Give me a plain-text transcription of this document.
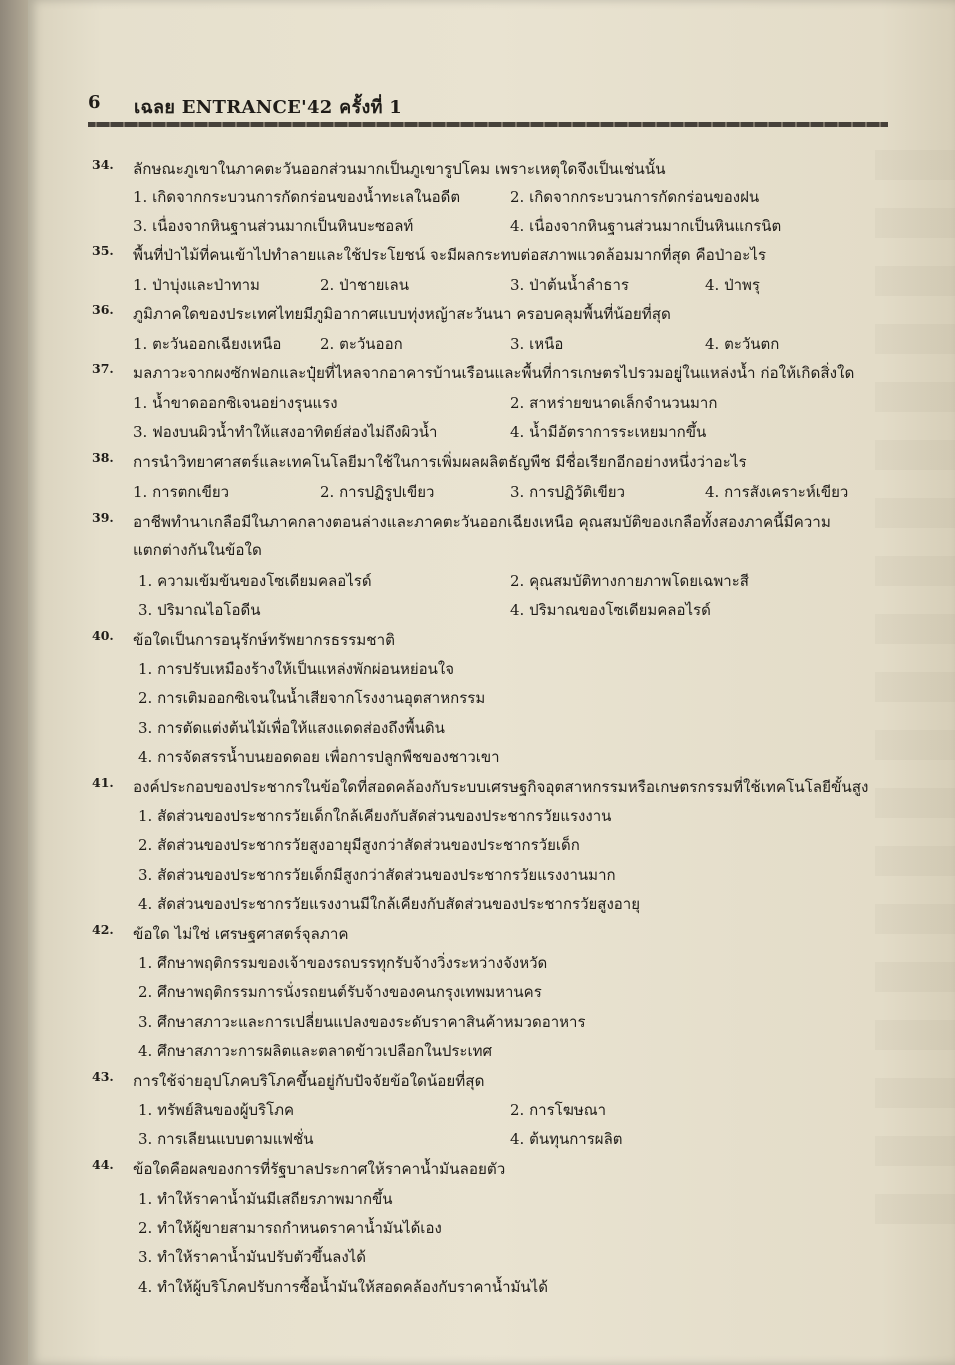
6 เฉลย ENTRANCE'42 ครั้งที่ 1
34. ลักษณะภูเขาในภาคตะวันออกส่วนมากเป็นภูเขารูปโคม เพราะเหตุใดจึงเป็นเช่นนั้น
1. เกิดจากกระบวนการกัดกร่อนของน้ำทะเลในอดีต	2. เกิดจากกระบวนการกัดกร่อนของฝน
3. เนื่องจากหินฐานส่วนมากเป็นหินบะซอลท์	4. เนื่องจากหินฐานส่วนมากเป็นหินแกรนิต
35. พื้นที่ป่าไม้ที่คนเข้าไปทำลายและใช้ประโยชน์ จะมีผลกระทบต่อสภาพแวดล้อมมากที่สุด คือป่าอะไร
1. ป่าบุ่งและป่าทาม	2. ป่าชายเลน	3. ป่าต้นน้ำลำธาร	4. ป่าพรุ
36. ภูมิภาคใดของประเทศไทยมีภูมิอากาศแบบทุ่งหญ้าสะวันนา ครอบคลุมพื้นที่น้อยที่สุด
1. ตะวันออกเฉียงเหนือ	2. ตะวันออก	3. เหนือ	4. ตะวันตก
37. มลภาวะจากผงซักฟอกและปุ๋ยที่ไหลจากอาคารบ้านเรือนและพื้นที่การเกษตรไปรวมอยู่ในแหล่งน้ำ ก่อให้เกิดสิ่งใด
1. น้ำขาดออกซิเจนอย่างรุนแรง	2. สาหร่ายขนาดเล็กจำนวนมาก
3. ฟองบนผิวน้ำทำให้แสงอาทิตย์ส่องไม่ถึงผิวน้ำ	4. น้ำมีอัตราการระเหยมากขึ้น
38. การนำวิทยาศาสตร์และเทคโนโลยีมาใช้ในการเพิ่มผลผลิตธัญพืช มีชื่อเรียกอีกอย่างหนึ่งว่าอะไร
1. การตกเขียว	2. การปฏิรูปเขียว	3. การปฏิวัติเขียว	4. การสังเคราะห์เขียว
39. อาชีพทำนาเกลือมีในภาคกลางตอนล่างและภาคตะวันออกเฉียงเหนือ คุณสมบัติของเกลือทั้งสองภาคนี้มีความ
แตกต่างกันในข้อใด
1. ความเข้มข้นของโซเดียมคลอไรด์	2. คุณสมบัติทางกายภาพโดยเฉพาะสี
3. ปริมาณไอโอดีน	4. ปริมาณของโซเดียมคลอไรด์
40. ข้อใดเป็นการอนุรักษ์ทรัพยากรธรรมชาติ
1. การปรับเหมืองร้างให้เป็นแหล่งพักผ่อนหย่อนใจ
2. การเติมออกซิเจนในน้ำเสียจากโรงงานอุตสาหกรรม
3. การตัดแต่งต้นไม้เพื่อให้แสงแดดส่องถึงพื้นดิน
4. การจัดสรรน้ำบนยอดดอย เพื่อการปลูกพืชของชาวเขา
41. องค์ประกอบของประชากรในข้อใดที่สอดคล้องกับระบบเศรษฐกิจอุตสาหกรรมหรือเกษตรกรรมที่ใช้เทคโนโลยีขั้นสูง
1. สัดส่วนของประชากรวัยเด็กใกล้เคียงกับสัดส่วนของประชากรวัยแรงงาน
2. สัดส่วนของประชากรวัยสูงอายุมีสูงกว่าสัดส่วนของประชากรวัยเด็ก
3. สัดส่วนของประชากรวัยเด็กมีสูงกว่าสัดส่วนของประชากรวัยแรงงานมาก
4. สัดส่วนของประชากรวัยแรงงานมีใกล้เคียงกับสัดส่วนของประชากรวัยสูงอายุ
42. ข้อใด ไม่ใช่ เศรษฐศาสตร์จุลภาค
1. ศึกษาพฤติกรรมของเจ้าของรถบรรทุกรับจ้างวิ่งระหว่างจังหวัด
2. ศึกษาพฤติกรรมการนั่งรถยนต์รับจ้างของคนกรุงเทพมหานคร
3. ศึกษาสภาวะและการเปลี่ยนแปลงของระดับราคาสินค้าหมวดอาหาร
4. ศึกษาสภาวะการผลิตและตลาดข้าวเปลือกในประเทศ
43. การใช้จ่ายอุปโภคบริโภคขึ้นอยู่กับปัจจัยข้อใดน้อยที่สุด
1. ทรัพย์สินของผู้บริโภค	2. การโฆษณา
3. การเลียนแบบตามแฟชั่น	4. ต้นทุนการผลิต
44. ข้อใดคือผลของการที่รัฐบาลประกาศให้ราคาน้ำมันลอยตัว
1. ทำให้ราคาน้ำมันมีเสถียรภาพมากขึ้น
2. ทำให้ผู้ขายสามารถกำหนดราคาน้ำมันได้เอง
3. ทำให้ราคาน้ำมันปรับตัวขึ้นลงได้
4. ทำให้ผู้บริโภคปรับการซื้อน้ำมันให้สอดคล้องกับราคาน้ำมันได้
